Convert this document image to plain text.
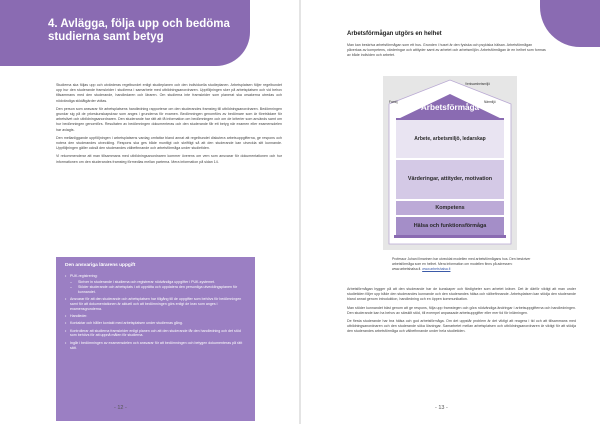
4. Avlägga, följa upp och bedöma studierna samt betyg

Studierna ska följas upp och utvärderas regelbundet enligt studieplanen och den individuella studieplanen. Arbetsplatsen följer regelbundet upp hur den studerande framskrider i studierna i samarbete med utbildningsanordnaren. Uppföljningen sker på arbetsplatsen och vid behov tillsammans med den studerande, handledaren och läraren. Om studierna inte framskrider som planerat ska orsakerna utredas och nödvändiga stödåtgärder vidtas.

Den person som ansvarar för arbetsplatsens handledning rapporterar om den studerandes framsteg till utbildningsanordnaren. Bedömningen grundar sig på de yrkeskunskapskrav som anges i grunderna för examen. Bedömningen genomförs av bedömare som är företrädare för arbetslivet och utbildningsanordnaren. Den studerande har rätt att få information om bedömningen och om de kriterier som används samt om hur bedömningen genomförs. Resultaten av bedömningen dokumenteras och den studerande får ett betyg när examen eller examensdelen har avlagts.

Den mellanliggande uppföljningen i arbetsplatsens vardag omfattar bland annat att regelbundet diskutera arbetsuppgifterna, ge respons och notera den studerandes utveckling. Respons ska ges både muntligt och skriftligt så att den studerande kan utveckla sitt kunnande. Uppföljningen gäller också den studerandes välbefinnande och arbetsförmåga under studietiden.

Vi rekommenderar att man tillsammans med utbildningsanordnaren kommer överens om vem som ansvarar för dokumentationen och hur informationen om den studerandes framsteg förmedlas mellan parterna. Mera information på sidan 14.

Den ansvariga lärarens uppgift
• PUK-registrering:
– Skriver in studerande i studierna och registrerar nödvändiga uppgifter i PUK-systemet.
– Stöder studerande och arbetsplats i att upprätta och uppdatera den personliga utvecklingsplanen för kunnandet.
• Ansvarar för att den studerande och arbetsplatsen har tillgång till de uppgifter som behövs för bedömningen samt för att dokumentationen är aktuell och att bedömningen görs enligt de krav som anges i examensgrunderna.
• Handleder.
• Kontaktar och håller kontakt med arbetsplatsen under studiernas gång.
• Kontrollerar att studierna framskrider enligt planen och att den studerande får den handledning och det stöd som behövs för att uppnå målen för studierna.
• Ingår i bedömningen av examensdelen och ansvarar för att bedömningen och betygen dokumenteras på rätt sätt.
- 12 -
Arbetsförmågan utgörs en helhet
Man kan beskriva arbetsförmågan som ett hus. Grunden i huset är den fysiska och psykiska hälsan. Arbetsförmågan påverkas av kompetens, värderingar och attityder samt av arbetet och arbetsmiljön. Arbetsförmågan är en helhet som formas av både individen och arbetet.
Verksamhetsmiljö
Familj	Närmiljö
Arbetsförmåga
Arbete, arbetsmiljö, ledarskap
Värderingar, attityder, motivation
Kompetens
Hälsa och funktionsförmåga
Professor Juhani Ilmarinen har utvecklat modellen med arbetsförmågans hus. Den beskriver arbetsförmåga som en helhet. Mera information om modellen finns på adressen: www.arbetshalsa.fi. www.arbetshalsa.fi

Arbetsförmågan bygger på att den studerande har de kunskaper och färdigheter som arbetet kräver. Det är därför viktigt att man under studietiden följer upp både den studerandes kunnande och den studerandes hälsa och välbefinnande. Arbetsplatsen kan stödja den studerande bland annat genom introduktion, handledning och en öppen kommunikation.

Man stöder kunnandet bäst genom att ge respons, följa upp framstegen och göra nödvändiga ändringar i arbetsuppgifterna och handledningen. Den studerande kan ha behov av särskilt stöd, till exempel anpassade arbetsuppgifter eller mer tid för inlärningen.

De flesta studerande har bra hälsa och god arbetsförmåga. Om det uppstår problem är det viktigt att reagera i tid och att tillsammans med utbildningsanordnaren och den studerande söka lösningar. Samarbetet mellan arbetsplatsen och utbildningsanordnaren är viktigt för att stödja den studerandes arbetsförmåga och välbefinnande under hela studietiden.

- 13 -
